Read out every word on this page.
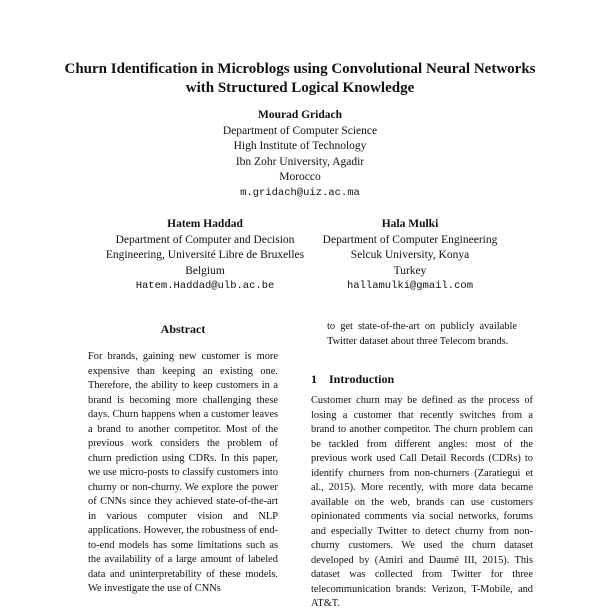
Churn Identification in Microblogs using Convolutional Neural Networks
with Structured Logical Knowledge
Mourad Gridach
Department of Computer Science
High Institute of Technology
Ibn Zohr University, Agadir
Morocco
m.gridach@uiz.ac.ma
Hatem Haddad
Department of Computer and Decision
Engineering, Université Libre de Bruxelles
Belgium
Hatem.Haddad@ulb.ac.be
Hala Mulki
Department of Computer Engineering
Selcuk University, Konya
Turkey
hallamulki@gmail.com
Abstract
For brands, gaining new customer is more expensive than keeping an existing one. Therefore, the ability to keep customers in a brand is becoming more challenging these days. Churn happens when a customer leaves a brand to another competitor. Most of the previous work considers the problem of churn prediction using CDRs. In this paper, we use micro-posts to classify customers into churny or non-churny. We explore the power of CNNs since they achieved state-of-the-art in various computer vision and NLP applications. However, the robustness of end-to-end models has some limitations such as the availability of a large amount of labeled data and uninterpretability of these models. We investigate the use of CNNs
to get state-of-the-art on publicly available Twitter dataset about three Telecom brands.
1 Introduction
Customer churn may be defined as the process of losing a customer that recently switches from a brand to another competitor. The churn problem can be tackled from different angles: most of the previous work used Call Detail Records (CDRs) to identify churners from non-churners (Zaratiegui et al., 2015). More recently, with more data became available on the web, brands can use customers opinionated comments via social networks, forums and especially Twitter to detect churny from non-churny customers. We used the churn dataset developed by (Amiri and Daumé III, 2015). This dataset was collected from Twitter for three telecommunication brands: Verizon, T-Mobile, and AT&T.
